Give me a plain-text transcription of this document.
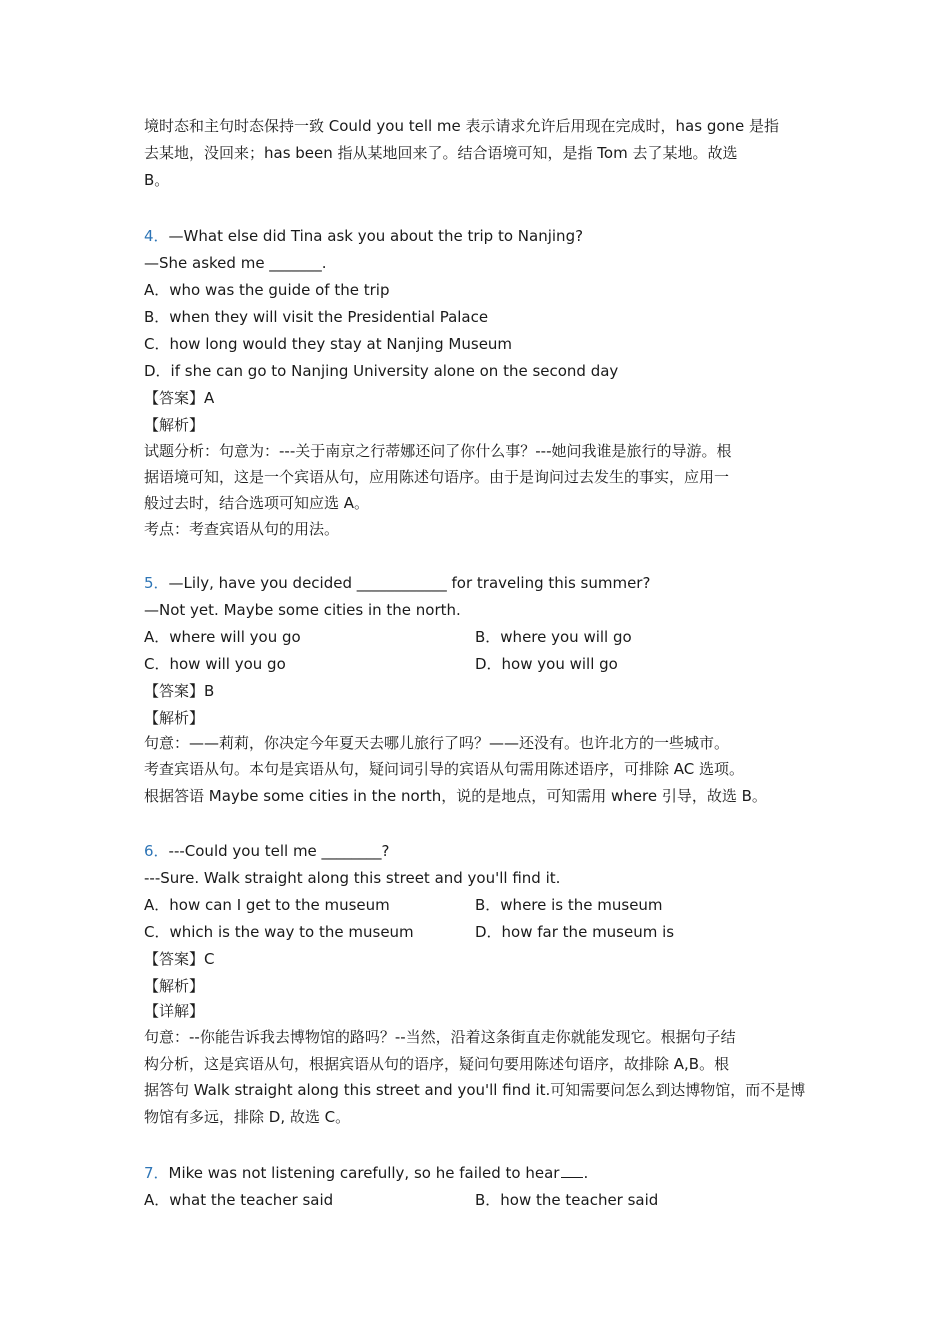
境时态和主句时态保持一致 Could you tell me 表示请求允许后用现在完成时，has gone 是指
去某地，没回来；has been 指从某地回来了。结合语境可知，是指 Tom 去了某地。故选
B。
4．—What else did Tina ask you about the trip to Nanjing?
—She asked me _______.
A．who was the guide of the trip
B．when they will visit the Presidential Palace
C．how long would they stay at Nanjing Museum
D．if she can go to Nanjing University alone on the second day
【答案】A
【解析】
试题分析：句意为：---关于南京之行蒂娜还问了你什么事？---她问我谁是旅行的导游。根
据语境可知，这是一个宾语从句，应用陈述句语序。由于是询问过去发生的事实，应用一
般过去时，结合选项可知应选 A。
考点：考查宾语从句的用法。
5．—Lily, have you decided ____________ for traveling this summer?
—Not yet. Maybe some cities in the north.
A．where will you go	B．where you will go
C．how will you go	D．how you will go
【答案】B
【解析】
句意：——莉莉，你决定今年夏天去哪儿旅行了吗？——还没有。也许北方的一些城市。
考查宾语从句。本句是宾语从句，疑问词引导的宾语从句需用陈述语序，可排除 AC 选项。
根据答语 Maybe some cities in the north，说的是地点，可知需用 where 引导，故选 B。
6．---Could you tell me ________?
---Sure. Walk straight along this street and you'll find it.
A．how can I get to the museum	B．where is the museum
C．which is the way to the museum	D．how far the museum is
【答案】C
【解析】
【详解】
句意：--你能告诉我去博物馆的路吗？--当然，沿着这条街直走你就能发现它。根据句子结
构分析，这是宾语从句，根据宾语从句的语序，疑问句要用陈述句语序，故排除 A,B。根
据答句 Walk straight along this street and you'll find it.可知需要问怎么到达博物馆，而不是博
物馆有多远，排除 D, 故选 C。
7．Mike was not listening carefully, so he failed to hear .
A．what the teacher said	B．how the teacher said
